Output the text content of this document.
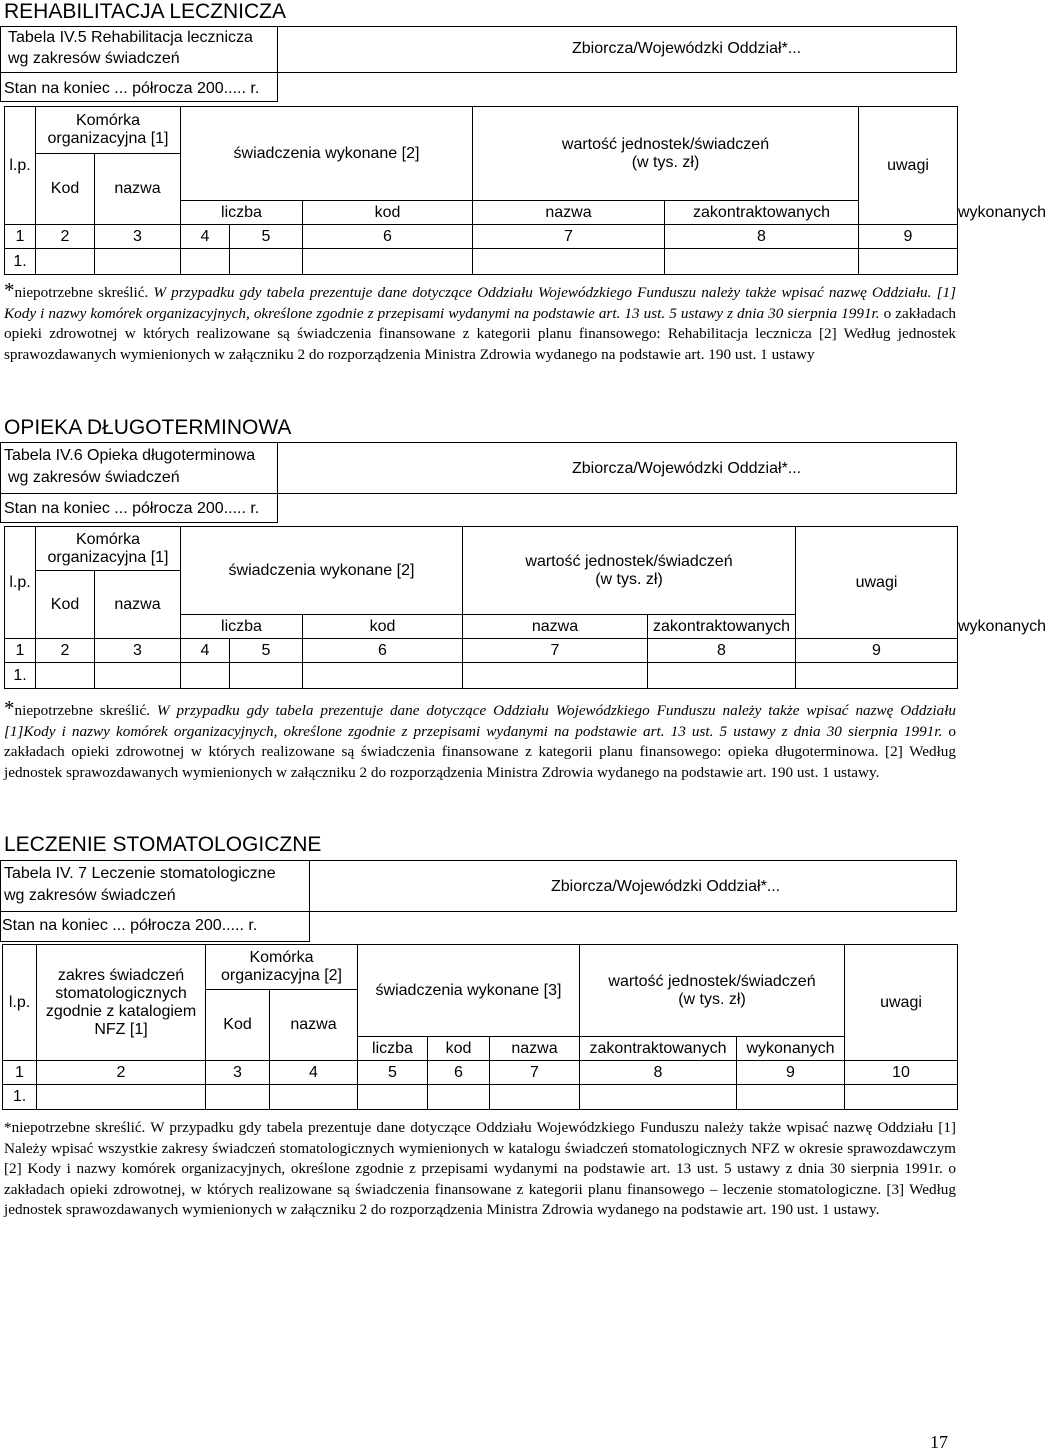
REHABILITACJA LECZNICZA
Tabela IV.5 Rehabilitacja lecznicza
wg zakresów świadczeń
Zbiorcza/Wojewódzki Oddział*...
Stan na koniec ... półrocza 200..... r.
l.p.	Komórka
organizacyjna [1]		świadczenia wykonane [2]			wartość jednostek/świadczeń
(w tys. zł)		uwagi	
	Kod	nazwa							
			liczba		kod	nazwa	zakontraktowanych		wykonanych
1	2	3	4	5	6	7	8	9	
1.									
*niepotrzebne skreślić. W przypadku gdy tabela prezentuje dane dotyczące Oddziału Wojewódzkiego Funduszu należy także wpisać nazwę Oddziału. [1] Kody i nazwy komórek organizacyjnych, określone zgodnie z przepisami wydanymi na podstawie art. 13 ust. 5 ustawy z dnia 30 sierpnia 1991r. o zakładach opieki zdrowotnej w których realizowane są świadczenia finansowane z kategorii planu finansowego: Rehabilitacja lecznicza [2] Według jednostek sprawozdawanych wymienionych w załączniku 2 do rozporządzenia Ministra Zdrowia wydanego na podstawie art. 190 ust. 1 ustawy
OPIEKA DŁUGOTERMINOWA
Tabela IV.6 Opieka długoterminowa
wg zakresów świadczeń
Zbiorcza/Wojewódzki Oddział*...
Stan na koniec ... półrocza 200..... r.
l.p.	Komórka
organizacyjna [1]		świadczenia wykonane [2]			wartość jednostek/świadczeń
(w tys. zł)		uwagi	
	Kod	nazwa							
			liczba		kod	nazwa	zakontraktowanych		wykonanych
1	2	3	4	5	6	7	8	9	
1.									
*niepotrzebne skreślić. W przypadku gdy tabela prezentuje dane dotyczące Oddziału Wojewódzkiego Funduszu należy także wpisać nazwę Oddziału [1]Kody i nazwy komórek organizacyjnych, określone zgodnie z przepisami wydanymi na podstawie art. 13 ust. 5 ustawy z dnia 30 sierpnia 1991r. o zakładach opieki zdrowotnej w których realizowane są świadczenia finansowane z kategorii planu finansowego: opieka długoterminowa. [2] Według jednostek sprawozdawanych wymienionych w załączniku 2 do rozporządzenia Ministra Zdrowia wydanego na podstawie art. 190 ust. 1 ustawy.
LECZENIE STOMATOLOGICZNE
Tabela IV. 7 Leczenie stomatologiczne
wg zakresów świadczeń
Zbiorcza/Wojewódzki Oddział*...
Stan na koniec ... półrocza 200..... r.
l.p.	zakres świadczeń
stomatologicznych
zgodnie z katalogiem
NFZ [1]	Komórka
organizacyjna [2]		świadczenia wykonane [3]			wartość jednostek/świadczeń
(w tys. zł)		uwagi
		Kod	nazwa						
				liczba	kod	nazwa	zakontraktowanych	wykonanych	
1	2	3	4	5	6	7	8	9	10
1.									
*niepotrzebne skreślić. W przypadku gdy tabela prezentuje dane dotyczące Oddziału Wojewódzkiego Funduszu należy także wpisać nazwę Oddziału [1] Należy wpisać wszystkie zakresy świadczeń stomatologicznych wymienionych w katalogu świadczeń stomatologicznych NFZ w okresie sprawozdawczym [2] Kody i nazwy komórek organizacyjnych, określone zgodnie z przepisami wydanymi na podstawie art. 13 ust. 5 ustawy z dnia 30 sierpnia 1991r. o zakładach opieki zdrowotnej, w których realizowane są świadczenia finansowane z kategorii planu finansowego – leczenie stomatologiczne. [3] Według jednostek sprawozdawanych wymienionych w załączniku 2 do rozporządzenia Ministra Zdrowia wydanego na podstawie art. 190 ust. 1 ustawy.
17
